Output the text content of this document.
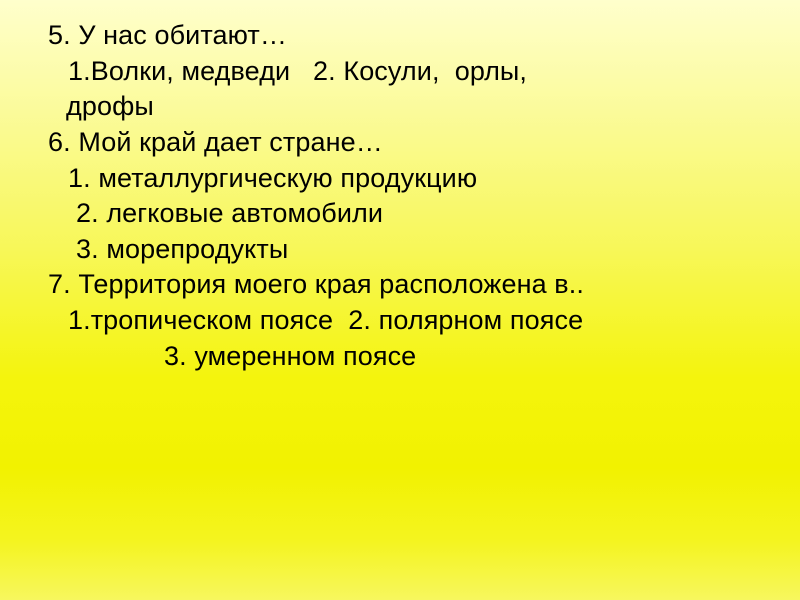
5. У нас обитают…
1.Волки, медведи   2. Косули,  орлы,
дрофы
6. Мой край дает стране…
1. металлургическую продукцию
2. легковые автомобили
3. морепродукты
7. Территория моего края расположена в..
1.тропическом поясе  2. полярном поясе
3. умеренном поясе
